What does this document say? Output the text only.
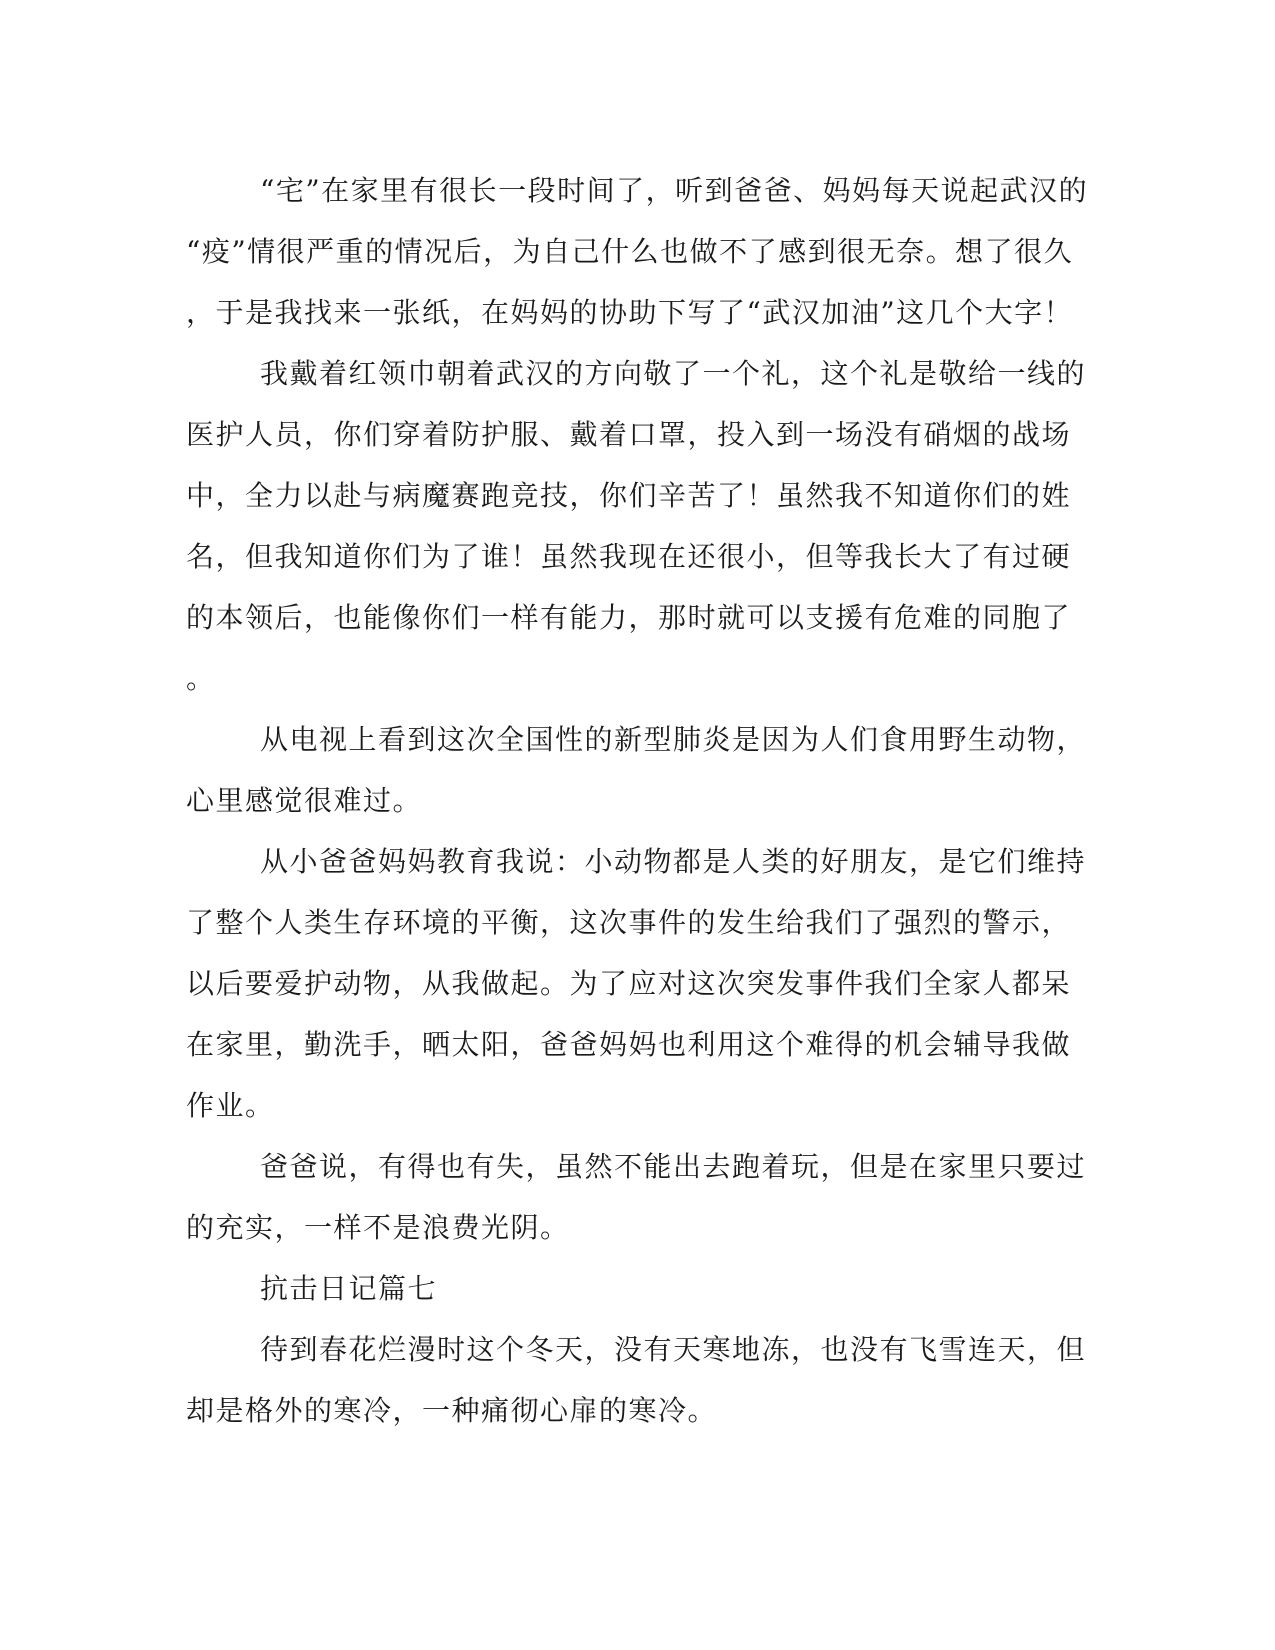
“宅”在家里有很长一段时间了，听到爸爸、妈妈每天说起武汉的
“疫”情很严重的情况后，为自己什么也做不了感到很无奈。想了很久
，于是我找来一张纸，在妈妈的协助下写了“武汉加油”这几个大字！
我戴着红领巾朝着武汉的方向敬了一个礼，这个礼是敬给一线的
医护人员，你们穿着防护服、戴着口罩，投入到一场没有硝烟的战场
中，全力以赴与病魔赛跑竞技，你们辛苦了！虽然我不知道你们的姓
名，但我知道你们为了谁！虽然我现在还很小，但等我长大了有过硬
的本领后，也能像你们一样有能力，那时就可以支援有危难的同胞了
。
从电视上看到这次全国性的新型肺炎是因为人们食用野生动物，
心里感觉很难过。
从小爸爸妈妈教育我说：小动物都是人类的好朋友，是它们维持
了整个人类生存环境的平衡，这次事件的发生给我们了强烈的警示，
以后要爱护动物，从我做起。为了应对这次突发事件我们全家人都呆
在家里，勤洗手，晒太阳，爸爸妈妈也利用这个难得的机会辅导我做
作业。
爸爸说，有得也有失，虽然不能出去跑着玩，但是在家里只要过
的充实，一样不是浪费光阴。
抗击日记篇七
待到春花烂漫时这个冬天，没有天寒地冻，也没有飞雪连天，但
却是格外的寒冷，一种痛彻心扉的寒冷。
